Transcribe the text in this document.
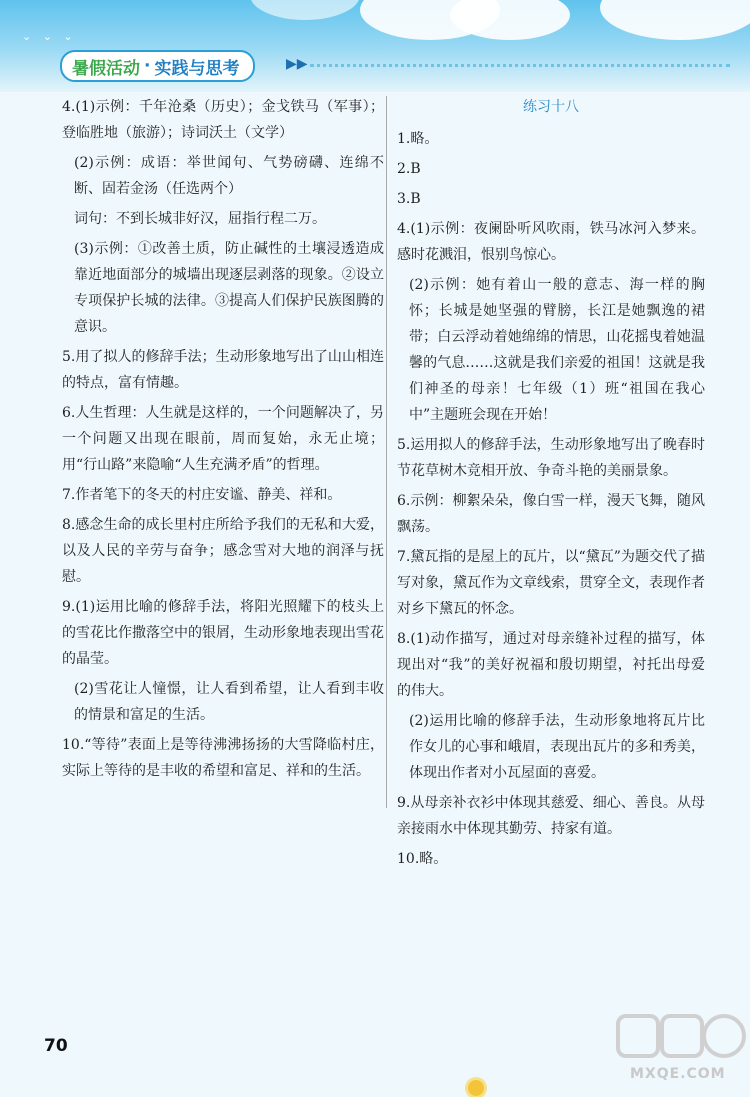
⌄ ⌄ ⌄
暑假活动 · 实践与思考	▶▶

4.(1)示例：千年沧桑（历史）；金戈铁马（军事）；登临胜地（旅游）；诗词沃土（文学）

(2)示例：成语：举世闻句、气势磅礴、连绵不断、固若金汤（任选两个）

词句：不到长城非好汉，屈指行程二万。

(3)示例：①改善土质，防止碱性的土壤浸透造成靠近地面部分的城墙出现逐层剥落的现象。②设立专项保护长城的法律。③提高人们保护民族图腾的意识。

5.用了拟人的修辞手法；生动形象地写出了山山相连的特点，富有情趣。

6.人生哲理：人生就是这样的，一个问题解决了，另一个问题又出现在眼前，周而复始，永无止境；用“行山路”来隐喻“人生充满矛盾”的哲理。

7.作者笔下的冬天的村庄安谧、静美、祥和。

8.感念生命的成长里村庄所给予我们的无私和大爱，以及人民的辛劳与奋争；感念雪对大地的润泽与抚慰。

9.(1)运用比喻的修辞手法，将阳光照耀下的枝头上的雪花比作撒落空中的银屑，生动形象地表现出雪花的晶莹。

(2)雪花让人憧憬，让人看到希望，让人看到丰收的情景和富足的生活。

10.“等待”表面上是等待沸沸扬扬的大雪降临村庄，实际上等待的是丰收的希望和富足、祥和的生活。

练习十八

1.略。

2.B

3.B

4.(1)示例：夜阑卧听风吹雨，铁马冰河入梦来。感时花溅泪，恨别鸟惊心。

(2)示例：她有着山一般的意志、海一样的胸怀；长城是她坚强的臂膀，长江是她飘逸的裙带；白云浮动着她绵绵的情思，山花摇曳着她温馨的气息……这就是我们亲爱的祖国！这就是我们神圣的母亲！七年级（1）班“祖国在我心中”主题班会现在开始！

5.运用拟人的修辞手法，生动形象地写出了晚春时节花草树木竞相开放、争奇斗艳的美丽景象。

6.示例：柳絮朵朵，像白雪一样，漫天飞舞，随风飘荡。

7.黛瓦指的是屋上的瓦片，以“黛瓦”为题交代了描写对象，黛瓦作为文章线索，贯穿全文，表现作者对乡下黛瓦的怀念。

8.(1)动作描写，通过对母亲缝补过程的描写，体现出对“我”的美好祝福和殷切期望，衬托出母爱的伟大。

(2)运用比喻的修辞手法，生动形象地将瓦片比作女儿的心事和峨眉，表现出瓦片的多和秀美，体现出作者对小瓦屋面的喜爱。

9.从母亲补衣衫中体现其慈爱、细心、善良。从母亲接雨水中体现其勤劳、持家有道。

10.略。

70
MXQE.COM
